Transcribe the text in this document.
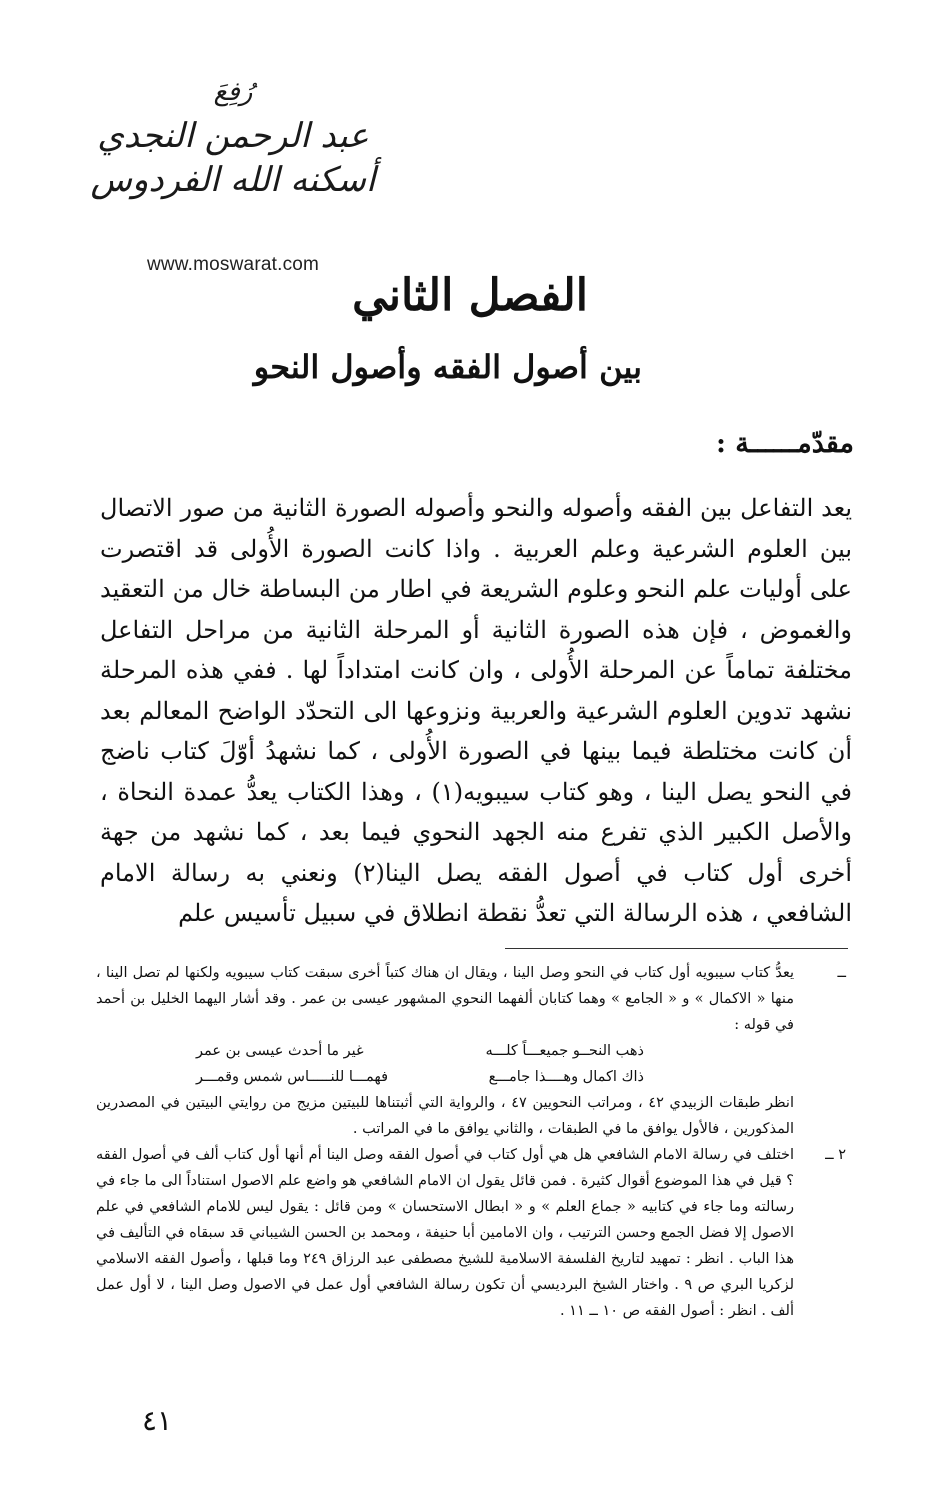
رُفِعَ
عبد الرحمن النجدي
أسكنه الله الفردوس
www.moswarat.com
الفصل الثاني
بين أصول الفقه وأصول النحو
مقدّمــــــة :
يعد التفاعل بين الفقه وأصوله والنحو وأصوله الصورة الثانية من صور الاتصال بين العلوم الشرعية وعلم العربية . واذا كانت الصورة الأُولى قد اقتصرت على أوليات علم النحو وعلوم الشريعة في اطار من البساطة خال من التعقيد والغموض ، فإن هذه الصورة الثانية أو المرحلة الثانية من مراحل التفاعل مختلفة تماماً عن المرحلة الأُولى ، وان كانت امتداداً لها . ففي هذه المرحلة نشهد تدوين العلوم الشرعية والعربية ونزوعها الى التحدّد الواضح المعالم بعد أن كانت مختلطة فيما بينها في الصورة الأُولى ، كما نشهدُ أوّلَ كتاب ناضج في النحو يصل الينا ، وهو كتاب سيبويه(١) ، وهذا الكتاب يعدُّ عمدة النحاة ، والأصل الكبير الذي تفرع منه الجهد النحوي فيما بعد ، كما نشهد من جهة أخرى أول كتاب في أصول الفقه يصل الينا(٢) ونعني به رسالة الامام الشافعي ، هذه الرسالة التي تعدُّ نقطة انطلاق في سبيل تأسيس علم
ــ
يعدُّ كتاب سيبويه أول كتاب في النحو وصل الينا ، ويقال ان هناك كتباً أخرى سبقت كتاب سيبويه ولكنها لم تصل الينا ، منها « الاكمال » و « الجامع » وهما كتابان ألفهما النحوي المشهور عيسى بن عمر . وقد أشار اليهما الخليل بن أحمد في قوله :
ذهب النحــو جميعـــاً كلـــه
غير ما أحدث عيسى بن عمر
ذاك اكمال وهــــذا جامـــع
فهمـــا للنـــــاس شمس وقمـــر
انظر طبقات الزبيدي ٤٢ ، ومراتب النحويين ٤٧ ، والرواية التي أثبتناها للبيتين مزيج من روايتي البيتين في المصدرين المذكورين ، فالأول يوافق ما في الطبقات ، والثاني يوافق ما في المراتب .
٢ ــ
اختلف في رسالة الامام الشافعي هل هي أول كتاب في أصول الفقه وصل الينا أم أنها أول كتاب ألف في أصول الفقه ؟ قيل في هذا الموضوع أقوال كثيرة . فمن قائل يقول ان الامام الشافعي هو واضع علم الاصول استناداً الى ما جاء في رسالته وما جاء في كتابيه « جماع العلم » و « ابطال الاستحسان » ومن قائل : يقول ليس للامام الشافعي في علم الاصول إلا فضل الجمع وحسن الترتيب ، وان الامامين أبا حنيفة ، ومحمد بن الحسن الشيباني قد سبقاه في التأليف في هذا الباب . انظر : تمهيد لتاريخ الفلسفة الاسلامية للشيخ مصطفى عبد الرزاق ٢٤٩ وما قبلها ، وأصول الفقه الاسلامي لزكريا البري ص ٩ . واختار الشيخ البرديسي أن تكون رسالة الشافعي أول عمل في الاصول وصل الينا ، لا أول عمل ألف . انظر : أصول الفقه ص ١٠ ــ ١١ .
٤١
